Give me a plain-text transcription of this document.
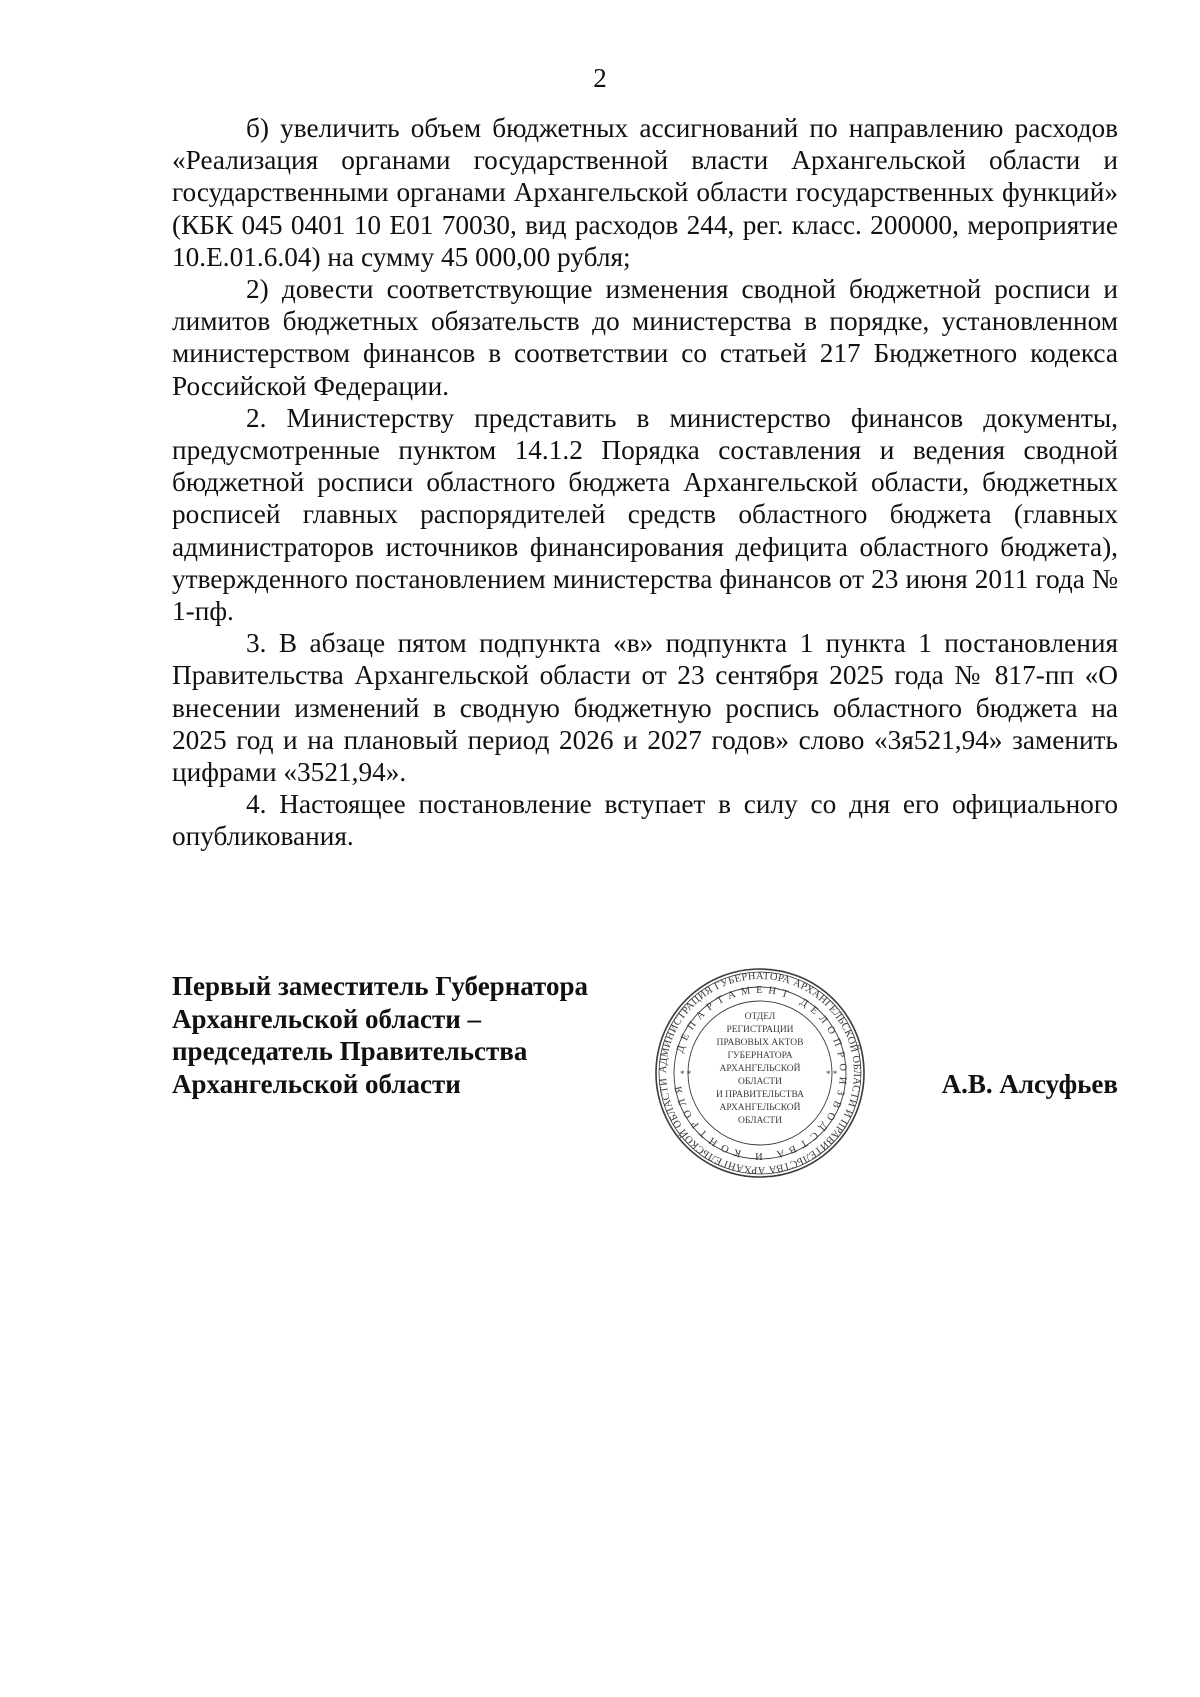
2

б) увеличить объем бюджетных ассигнований по направлению расходов «Реализация органами государственной власти Архангельской области и государственными органами Архангельской области государственных функций» (КБК 045 0401 10 Е01 70030, вид расходов 244, рег. класс. 200000, мероприятие 10.Е.01.6.04) на сумму 45 000,00 рубля;

2) довести соответствующие изменения сводной бюджетной росписи и лимитов бюджетных обязательств до министерства в порядке, установленном министерством финансов в соответствии со статьей 217 Бюджетного кодекса Российской Федерации.

2. Министерству представить в министерство финансов документы, предусмотренные пунктом 14.1.2 Порядка составления и ведения сводной бюджетной росписи областного бюджета Архангельской области, бюджетных росписей главных распорядителей средств областного бюджета (главных администраторов источников финансирования дефицита областного бюджета), утвержденного постановлением министерства финансов от 23 июня 2011 года № 1-пф.

3. В абзаце пятом подпункта «в» подпункта 1 пункта 1 постановления Правительства Архангельской области от 23 сентября 2025 года № 817-пп «О внесении изменений в сводную бюджетную роспись областного бюджета на 2025 год и на плановый период 2026 и 2027 годов» слово «3я521,94» заменить цифрами «3521,94».

4. Настоящее постановление вступает в силу со дня его официального опубликования.

Первый заместитель Губернатора
Архангельской области –
председатель Правительства
Архангельской области	А.В. Алсуфьев
АДМИНИСТРАЦИЯ ГУБЕРНАТОРА АРХАНГЕЛЬСКОЙ ОБЛАСТИ И ПРАВИТЕЛЬСТВА АРХАНГЕЛЬСКОЙ ОБЛАСТИ
ДЕПАРТАМЕНТ ДЕЛОПРОИЗВОДСТВА И КОНТРОЛЯ
* *	* *
ОТДЕЛ
РЕГИСТРАЦИИ
ПРАВОВЫХ АКТОВ
ГУБЕРНАТОРА
АРХАНГЕЛЬСКОЙ
ОБЛАСТИ
И ПРАВИТЕЛЬСТВА
АРХАНГЕЛЬСКОЙ
ОБЛАСТИ
